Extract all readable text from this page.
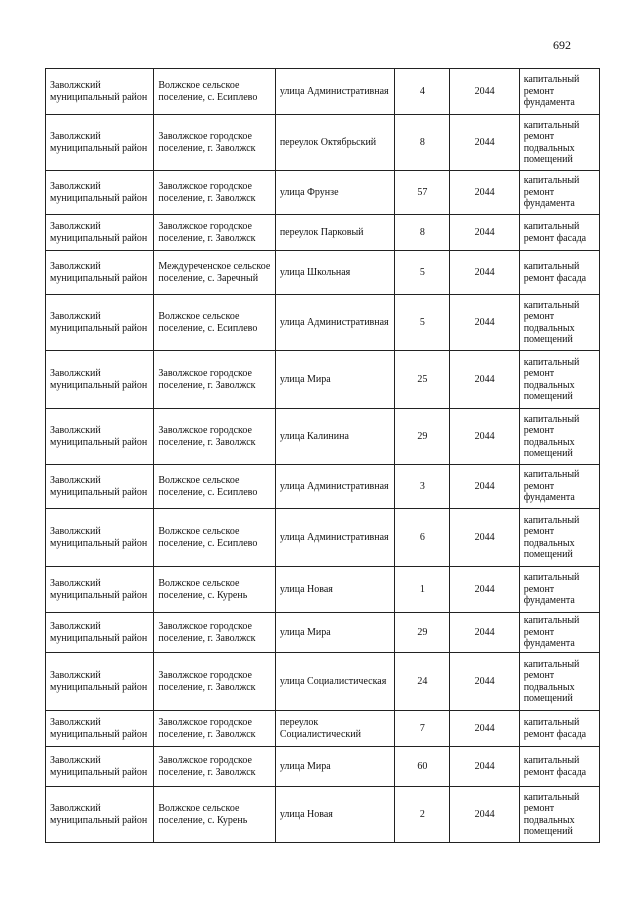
692
Заволжский муниципальный район	Волжское сельское поселение, с. Есиплево	улица Административная	4	2044	капитальный ремонт фундамента
Заволжский муниципальный район	Заволжское городское поселение, г. Заволжск	переулок Октябрьский	8	2044	капитальный ремонт подвальных помещений
Заволжский муниципальный район	Заволжское городское поселение, г. Заволжск	улица Фрунзе	57	2044	капитальный ремонт фундамента
Заволжский муниципальный район	Заволжское городское поселение, г. Заволжск	переулок Парковый	8	2044	капитальный ремонт фасада
Заволжский муниципальный район	Междуреченское сельское поселение, с. Заречный	улица Школьная	5	2044	капитальный ремонт фасада
Заволжский муниципальный район	Волжское сельское поселение, с. Есиплево	улица Административная	5	2044	капитальный ремонт подвальных помещений
Заволжский муниципальный район	Заволжское городское поселение, г. Заволжск	улица Мира	25	2044	капитальный ремонт подвальных помещений
Заволжский муниципальный район	Заволжское городское поселение, г. Заволжск	улица Калинина	29	2044	капитальный ремонт подвальных помещений
Заволжский муниципальный район	Волжское сельское поселение, с. Есиплево	улица Административная	3	2044	капитальный ремонт фундамента
Заволжский муниципальный район	Волжское сельское поселение, с. Есиплево	улица Административная	6	2044	капитальный ремонт подвальных помещений
Заволжский муниципальный район	Волжское сельское поселение, с. Курень	улица Новая	1	2044	капитальный ремонт фундамента
Заволжский муниципальный район	Заволжское городское поселение, г. Заволжск	улица Мира	29	2044	капитальный ремонт фундамента
Заволжский муниципальный район	Заволжское городское поселение, г. Заволжск	улица Социалистическая	24	2044	капитальный ремонт подвальных помещений
Заволжский муниципальный район	Заволжское городское поселение, г. Заволжск	переулок Социалистический	7	2044	капитальный ремонт фасада
Заволжский муниципальный район	Заволжское городское поселение, г. Заволжск	улица Мира	60	2044	капитальный ремонт фасада
Заволжский муниципальный район	Волжское сельское поселение, с. Курень	улица Новая	2	2044	капитальный ремонт подвальных помещений
